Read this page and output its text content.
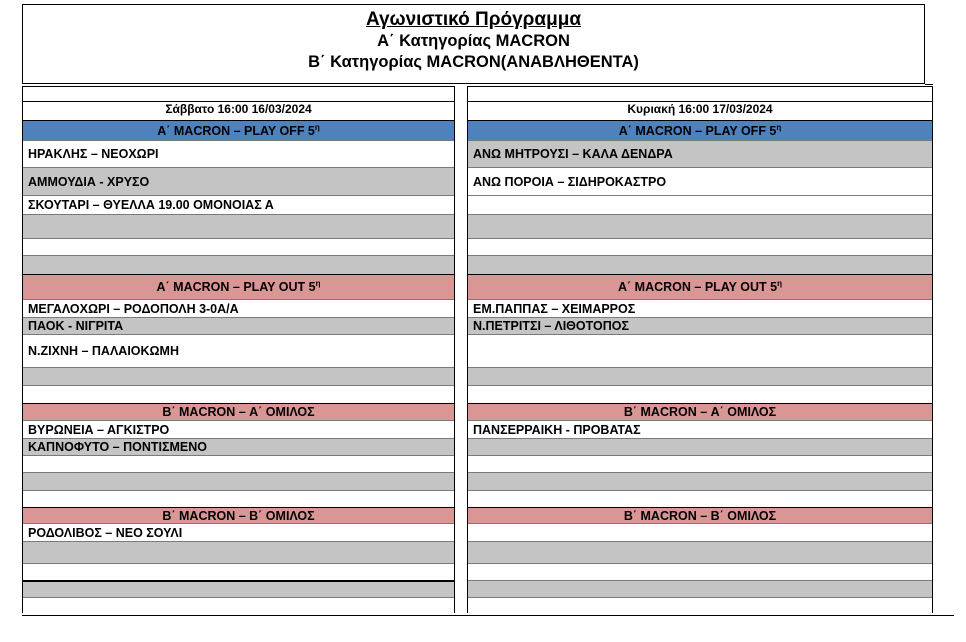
Αγωνιστικό Πρόγραμμα
Α΄ Κατηγορίας MACRON
Β΄ Κατηγορίας MACRON(ΑΝΑΒΛΗΘΕΝΤΑ)
Σάββατο 16:00 16/03/2024
Α΄ MACRON – PLAY OFF $5^\eta$
ΗΡΑΚΛΗΣ – ΝΕΟΧΩΡΙ
ΑΜΜΟΥΔΙΑ - ΧΡΥΣΟ
ΣΚΟΥΤΑΡΙ – ΘΥΕΛΛΑ 19.00 ΟΜΟΝΟΙΑΣ Α
Α΄ MACRON – PLAY OUT $5^\eta$
ΜΕΓΑΛΟΧΩΡΙ – ΡΟΔΟΠΟΛΗ 3-0Α/Α
ΠΑΟΚ - ΝΙΓΡΙΤΑ
Ν.ΖΙΧΝΗ – ΠΑΛΑΙΟΚΩΜΗ
Β΄ MACRON – Α΄ ΟΜΙΛΟΣ
ΒΥΡΩΝΕΙΑ – ΑΓΚΙΣΤΡΟ
ΚΑΠΝΟΦΥΤΟ – ΠΟΝΤΙΣΜΕΝΟ
Β΄ MACRON – Β΄ ΟΜΙΛΟΣ
ΡΟΔΟΛΙΒΟΣ – ΝΕΟ ΣΟΥΛΙ
Κυριακή 16:00 17/03/2024
Α΄ MACRON – PLAY OFF $5^\eta$
ΑΝΩ ΜΗΤΡΟΥΣΙ – ΚΑΛΑ ΔΕΝΔΡΑ
ΑΝΩ ΠΟΡΟΙΑ – ΣΙΔΗΡΟΚΑΣΤΡΟ
Α΄ MACRON – PLAY OUT $5^\eta$
ΕΜ.ΠΑΠΠΑΣ – ΧΕΙΜΑΡΡΟΣ
Ν.ΠΕΤΡΙΤΣΙ – ΛΙΘΟΤΟΠΟΣ
Β΄ MACRON – Α΄ ΟΜΙΛΟΣ
ΠΑΝΣΕΡΡΑΙΚΗ - ΠΡΟΒΑΤΑΣ
Β΄ MACRON – Β΄ ΟΜΙΛΟΣ
